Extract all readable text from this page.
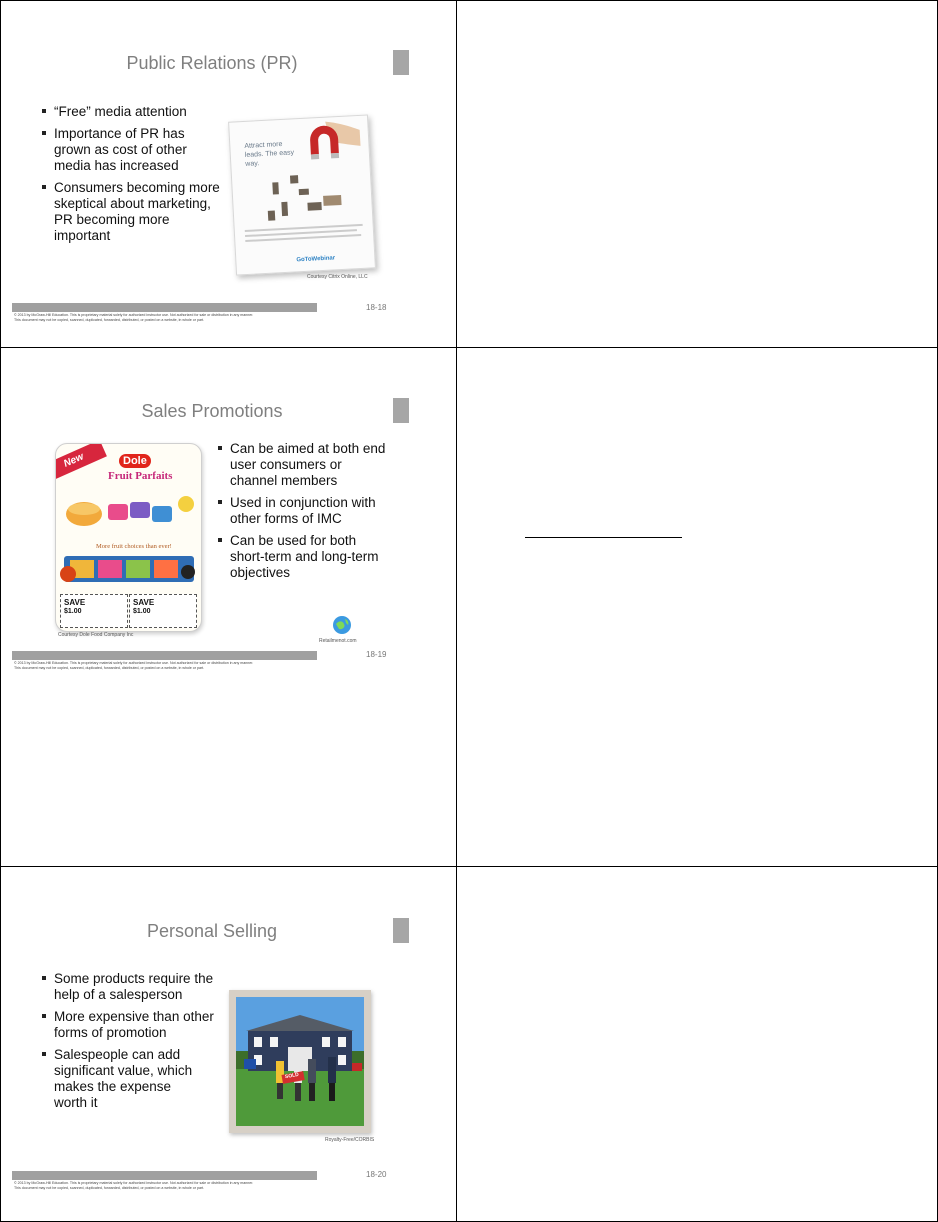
Public Relations (PR)
“Free” media attention
Importance of PR has grown as cost of other media has increased
Consumers becoming more skeptical about marketing, PR becoming more important
Attract more leads. The easy way.
GoToWebinar
Courtesy Citrix Online, LLC
18-18
© 2013 by McGraw-Hill Education. This is proprietary material solely for authorized instructor use. Not authorized for sale or distribution in any manner.
This document may not be copied, scanned, duplicated, forwarded, distributed, or posted on a website, in whole or part.
Sales Promotions
Can be aimed at both end user consumers or channel members
Used in conjunction with other forms of IMC
Can be used for both short-term and long-term objectives
New	Dole
Fruit Parfaits
More fruit choices than ever!
SAVE
$1.00
SAVE
$1.00
Courtesy Dole Food Company Inc
Retailmenot.com
18-19
© 2013 by McGraw-Hill Education. This is proprietary material solely for authorized instructor use. Not authorized for sale or distribution in any manner.
This document may not be copied, scanned, duplicated, forwarded, distributed, or posted on a website, in whole or part.
Personal Selling
Some products require the help of a salesperson
More expensive than other forms of promotion
Salespeople can add significant value, which makes the expense worth it
SOLD
Royalty-Free/CORBIS
18-20
© 2013 by McGraw-Hill Education. This is proprietary material solely for authorized instructor use. Not authorized for sale or distribution in any manner.
This document may not be copied, scanned, duplicated, forwarded, distributed, or posted on a website, in whole or part.
